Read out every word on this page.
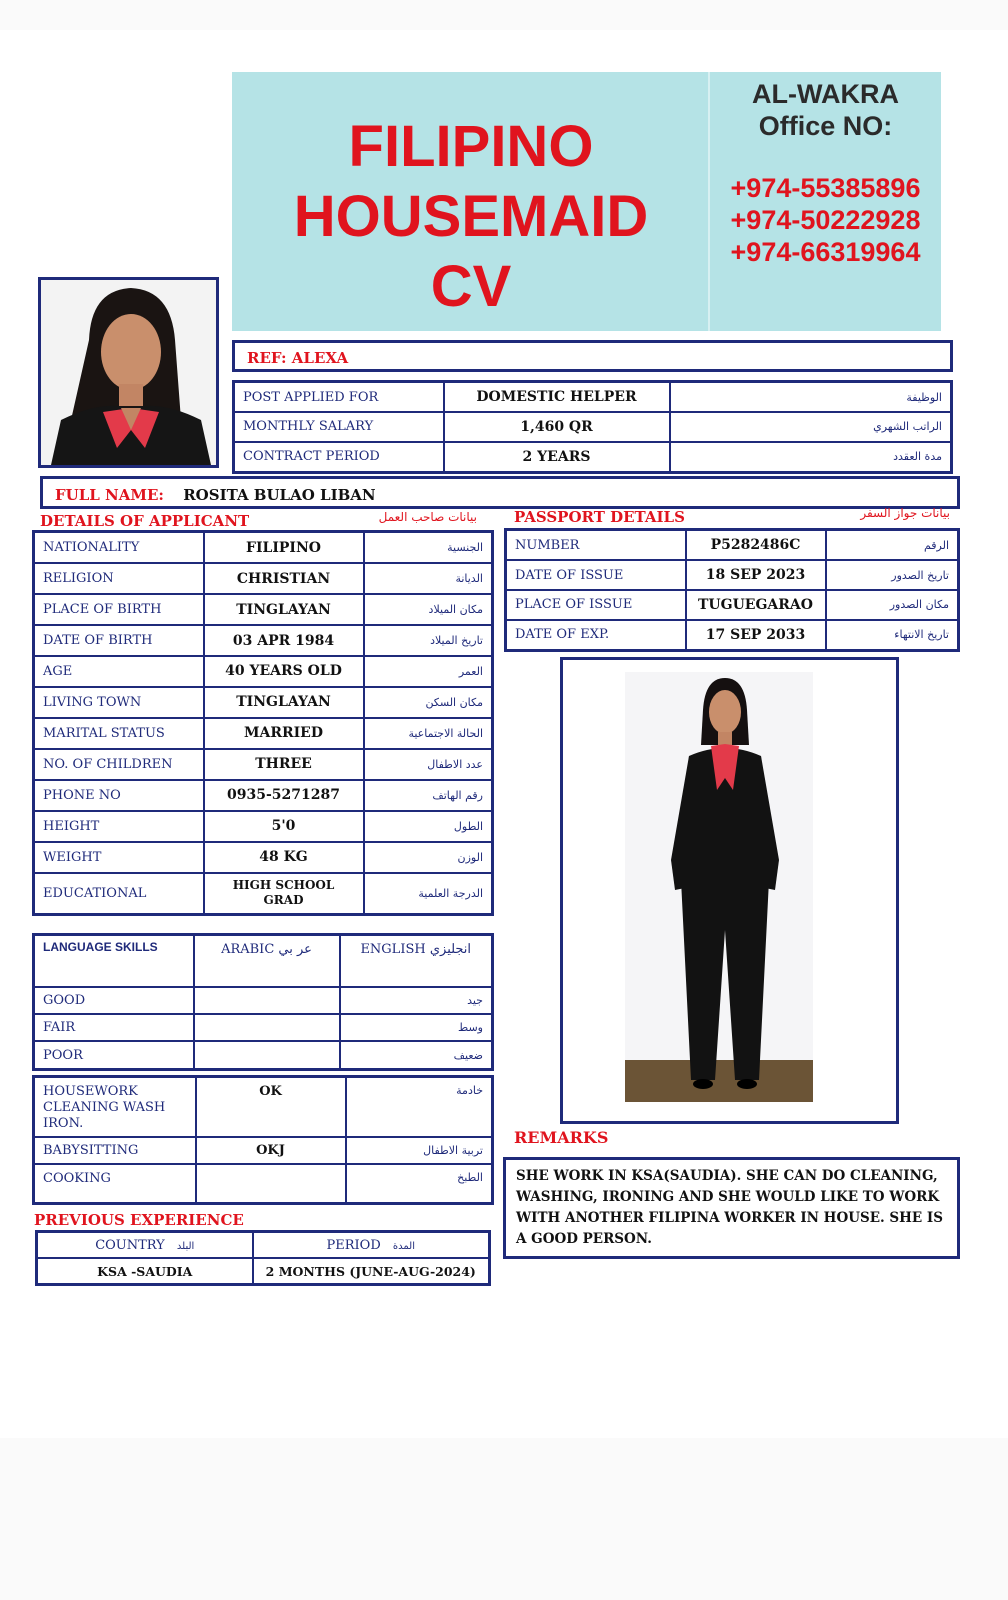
FILIPINO
HOUSEMAID
CV
AL-WAKRA
Office NO:
+974-55385896
+974-50222928
+974-66319964
REF: ALEXA
POST APPLIED FOR	DOMESTIC HELPER	الوظيفة
MONTHLY SALARY	1,460 QR	الراتب الشهري
CONTRACT PERIOD	2 YEARS	مدة العقدد
FULL NAME: ROSITA BULAO LIBAN
DETAILS OF APPLICANT	بيانات صاحب العمل
NATIONALITY	FILIPINO	الجنسية
RELIGION	CHRISTIAN	الديانة
PLACE OF BIRTH	TINGLAYAN	مكان الميلاد
DATE OF BIRTH	03 APR 1984	تاريخ الميلاد
AGE	40 YEARS OLD	العمر
LIVING TOWN	TINGLAYAN	مكان السكن
MARITAL STATUS	MARRIED	الحالة الاجتماعية
NO. OF CHILDREN	THREE	عدد الاطفال
PHONE NO	0935-5271287	رقم الهاتف
HEIGHT	5'0	الطول
WEIGHT	48 KG	الوزن
EDUCATIONAL	HIGH SCHOOL GRAD	الدرجة العلمية
PASSPORT DETAILS	بيانات جواز السفر
NUMBER	P5282486C	الرقم
DATE OF ISSUE	18 SEP 2023	تاريخ الصدور
PLACE OF ISSUE	TUGUEGARAO	مكان الصدور
DATE OF EXP.	17 SEP 2033	تاريخ الانتهاء
LANGUAGE SKILLS	ARABIC عر بي	ENGLISH انجليزي
GOOD		جيد
FAIR		وسط
POOR		ضعيف
HOUSEWORK CLEANING WASH IRON.	OK	خادمة
BABYSITTING	OKJ	تربية الاطفال
COOKING		الطبخ
PREVIOUS EXPERIENCE
COUNTRY البلد	PERIOD المدة
KSA -SAUDIA	2 MONTHS (JUNE-AUG-2024)
REMARKS
SHE WORK IN KSA(SAUDIA). SHE CAN DO CLEANING, WASHING, IRONING AND SHE WOULD LIKE TO WORK WITH ANOTHER FILIPINA WORKER IN HOUSE. SHE IS A GOOD PERSON.
